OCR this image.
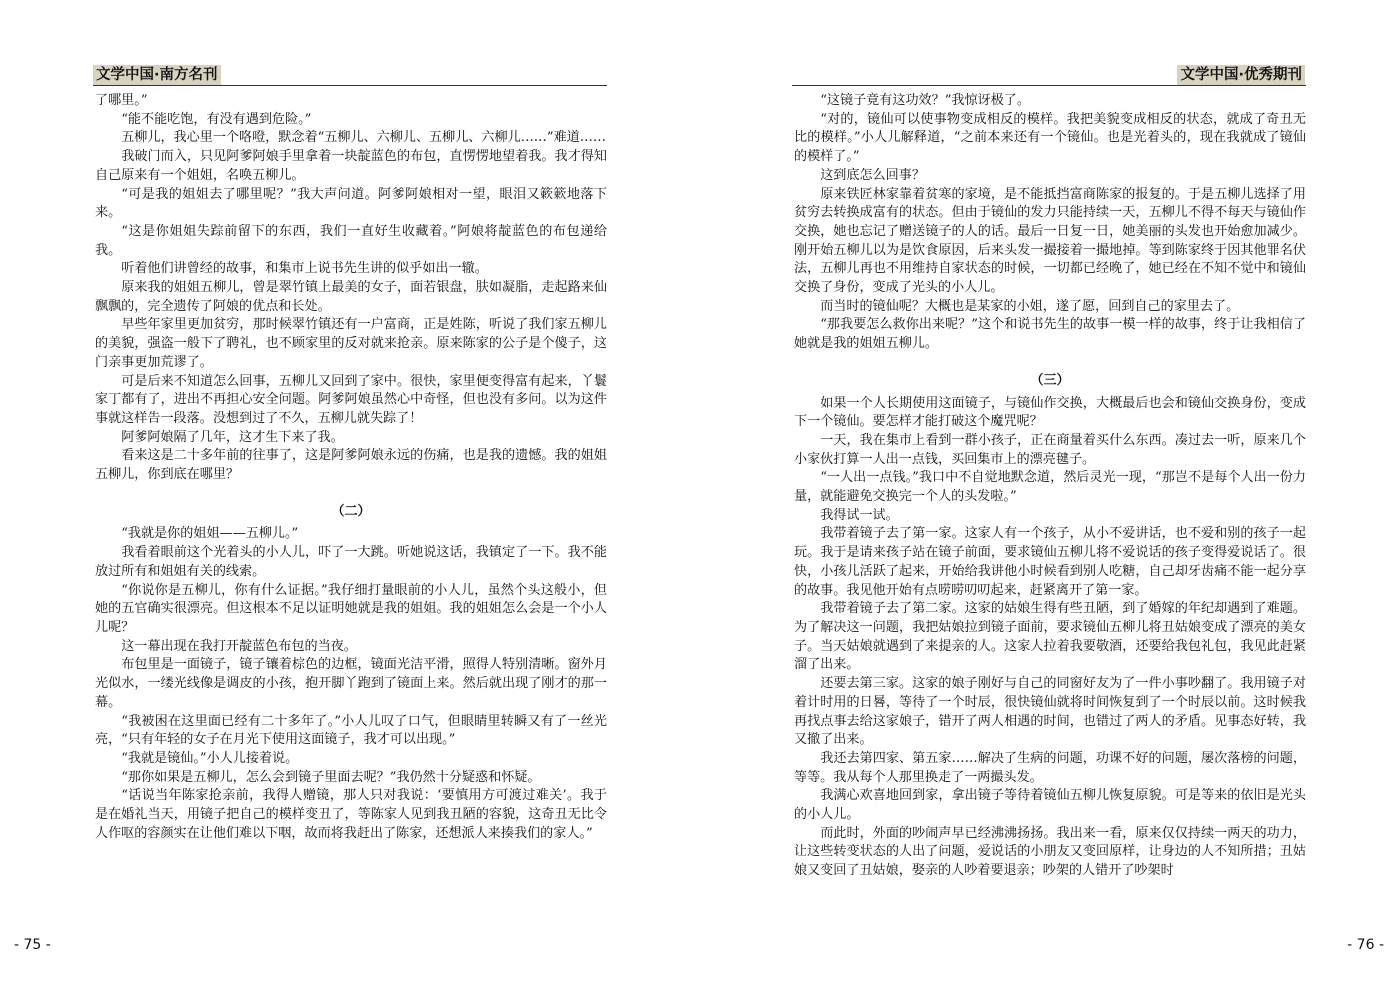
文学中国·南方名刊

了哪里。”

“能不能吃饱，有没有遇到危险。”

五柳儿，我心里一个咯噔，默念着“五柳儿、六柳儿、五柳儿、六柳儿……”难道……

我破门而入，只见阿爹阿娘手里拿着一块靛蓝色的布包，直愣愣地望着我。我才得知自己原来有一个姐姐，名唤五柳儿。

“可是我的姐姐去了哪里呢？”我大声问道。阿爹阿娘相对一望，眼泪又簌簌地落下来。

“这是你姐姐失踪前留下的东西，我们一直好生收藏着。”阿娘将靛蓝色的布包递给我。

听着他们讲曾经的故事，和集市上说书先生讲的似乎如出一辙。

原来我的姐姐五柳儿，曾是翠竹镇上最美的女子，面若银盘，肤如凝脂，走起路来仙飘飘的，完全遗传了阿娘的优点和长处。

早些年家里更加贫穷，那时候翠竹镇还有一户富商，正是姓陈，听说了我们家五柳儿的美貌，强盗一般下了聘礼，也不顾家里的反对就来抢亲。原来陈家的公子是个傻子，这门亲事更加荒谬了。

可是后来不知道怎么回事，五柳儿又回到了家中。很快，家里便变得富有起来，丫鬟家丁都有了，进出不再担心安全问题。阿爹阿娘虽然心中奇怪，但也没有多问。以为这件事就这样告一段落。没想到过了不久，五柳儿就失踪了！

阿爹阿娘隔了几年，这才生下来了我。

看来这是二十多年前的往事了，这是阿爹阿娘永远的伤痛，也是我的遗憾。我的姐姐五柳儿，你到底在哪里？

（二）

“我就是你的姐姐——五柳儿。”

我看着眼前这个光着头的小人儿，吓了一大跳。听她说这话，我镇定了一下。我不能放过所有和姐姐有关的线索。

“你说你是五柳儿，你有什么证据。”我仔细打量眼前的小人儿，虽然个头这般小，但她的五官确实很漂亮。但这根本不足以证明她就是我的姐姐。我的姐姐怎么会是一个小人儿呢？

这一幕出现在我打开靛蓝色布包的当夜。

布包里是一面镜子，镜子镶着棕色的边框，镜面光洁平滑，照得人特别清晰。窗外月光似水，一缕光线像是调皮的小孩，抱开脚丫跑到了镜面上来。然后就出现了刚才的那一幕。

“我被困在这里面已经有二十多年了。”小人儿叹了口气，但眼睛里转瞬又有了一丝光亮，“只有年轻的女子在月光下使用这面镜子，我才可以出现。”

“我就是镜仙。”小人儿接着说。

“那你如果是五柳儿，怎么会到镜子里面去呢？”我仍然十分疑惑和怀疑。

“话说当年陈家抢亲前，我得人赠镜，那人只对我说：‘要慎用方可渡过难关’。我于是在婚礼当天，用镜子把自己的模样变丑了，等陈家人见到我丑陋的容貌，这奇丑无比令人作呕的容颜实在让他们难以下咽，故而将我赶出了陈家，还想派人来揍我们的家人。”

- 75 -
文学中国·优秀期刊

“这镜子竟有这功效？”我惊讶极了。

“对的，镜仙可以使事物变成相反的模样。我把美貌变成相反的状态，就成了奇丑无比的模样。”小人儿解释道，“之前本来还有一个镜仙。也是光着头的，现在我就成了镜仙的模样了。”

这到底怎么回事？

原来铁匠林家靠着贫寒的家境，是不能抵挡富商陈家的报复的。于是五柳儿选择了用贫穷去转换成富有的状态。但由于镜仙的发力只能持续一天，五柳儿不得不每天与镜仙作交换，她也忘记了赠送镜子的人的话。最后一日复一日，她美丽的头发也开始愈加减少。刚开始五柳儿以为是饮食原因，后来头发一撮接着一撮地掉。等到陈家终于因其他罪名伏法，五柳儿再也不用维持自家状态的时候，一切都已经晚了，她已经在不知不觉中和镜仙交换了身份，变成了光头的小人儿。

而当时的镜仙呢？大概也是某家的小姐，遂了愿，回到自己的家里去了。

“那我要怎么救你出来呢？”这个和说书先生的故事一模一样的故事，终于让我相信了她就是我的姐姐五柳儿。

（三）

如果一个人长期使用这面镜子，与镜仙作交换，大概最后也会和镜仙交换身份，变成下一个镜仙。要怎样才能打破这个魔咒呢？

一天，我在集市上看到一群小孩子，正在商量着买什么东西。凑过去一听，原来几个小家伙打算一人出一点钱，买回集市上的漂亮毽子。

“一人出一点钱。”我口中不自觉地默念道，然后灵光一现，“那岂不是每个人出一份力量，就能避免交换完一个人的头发啦。”

我得试一试。

我带着镜子去了第一家。这家人有一个孩子，从小不爱讲话，也不爱和别的孩子一起玩。我于是请来孩子站在镜子前面，要求镜仙五柳儿将不爱说话的孩子变得爱说话了。很快，小孩儿活跃了起来，开始给我讲他小时候看到别人吃糖，自己却牙齿痛不能一起分享的故事。我见他开始有点唠唠叨叨起来，赶紧离开了第一家。

我带着镜子去了第二家。这家的姑娘生得有些丑陋，到了婚嫁的年纪却遇到了难题。为了解决这一问题，我把姑娘拉到镜子面前，要求镜仙五柳儿将丑姑娘变成了漂亮的美女子。当天姑娘就遇到了来提亲的人。这家人拉着我要敬酒，还要给我包礼包，我见此赶紧溜了出来。

还要去第三家。这家的娘子刚好与自己的同窗好友为了一件小事吵翻了。我用镜子对着计时用的日晷，等待了一个时辰，很快镜仙就将时间恢复到了一个时辰以前。这时候我再找点事去给这家娘子，错开了两人相遇的时间，也错过了两人的矛盾。见事态好转，我又撤了出来。

我还去第四家、第五家……解决了生病的问题，功课不好的问题，屡次落榜的问题，等等。我从每个人那里换走了一两撮头发。

我满心欢喜地回到家，拿出镜子等待着镜仙五柳儿恢复原貌。可是等来的依旧是光头的小人儿。

而此时，外面的吵闹声早已经沸沸扬扬。我出来一看，原来仅仅持续一两天的功力，让这些转变状态的人出了问题，爱说话的小朋友又变回原样，让身边的人不知所措；丑姑娘又变回了丑姑娘，娶亲的人吵着要退亲；吵架的人错开了吵架时

- 76 -
